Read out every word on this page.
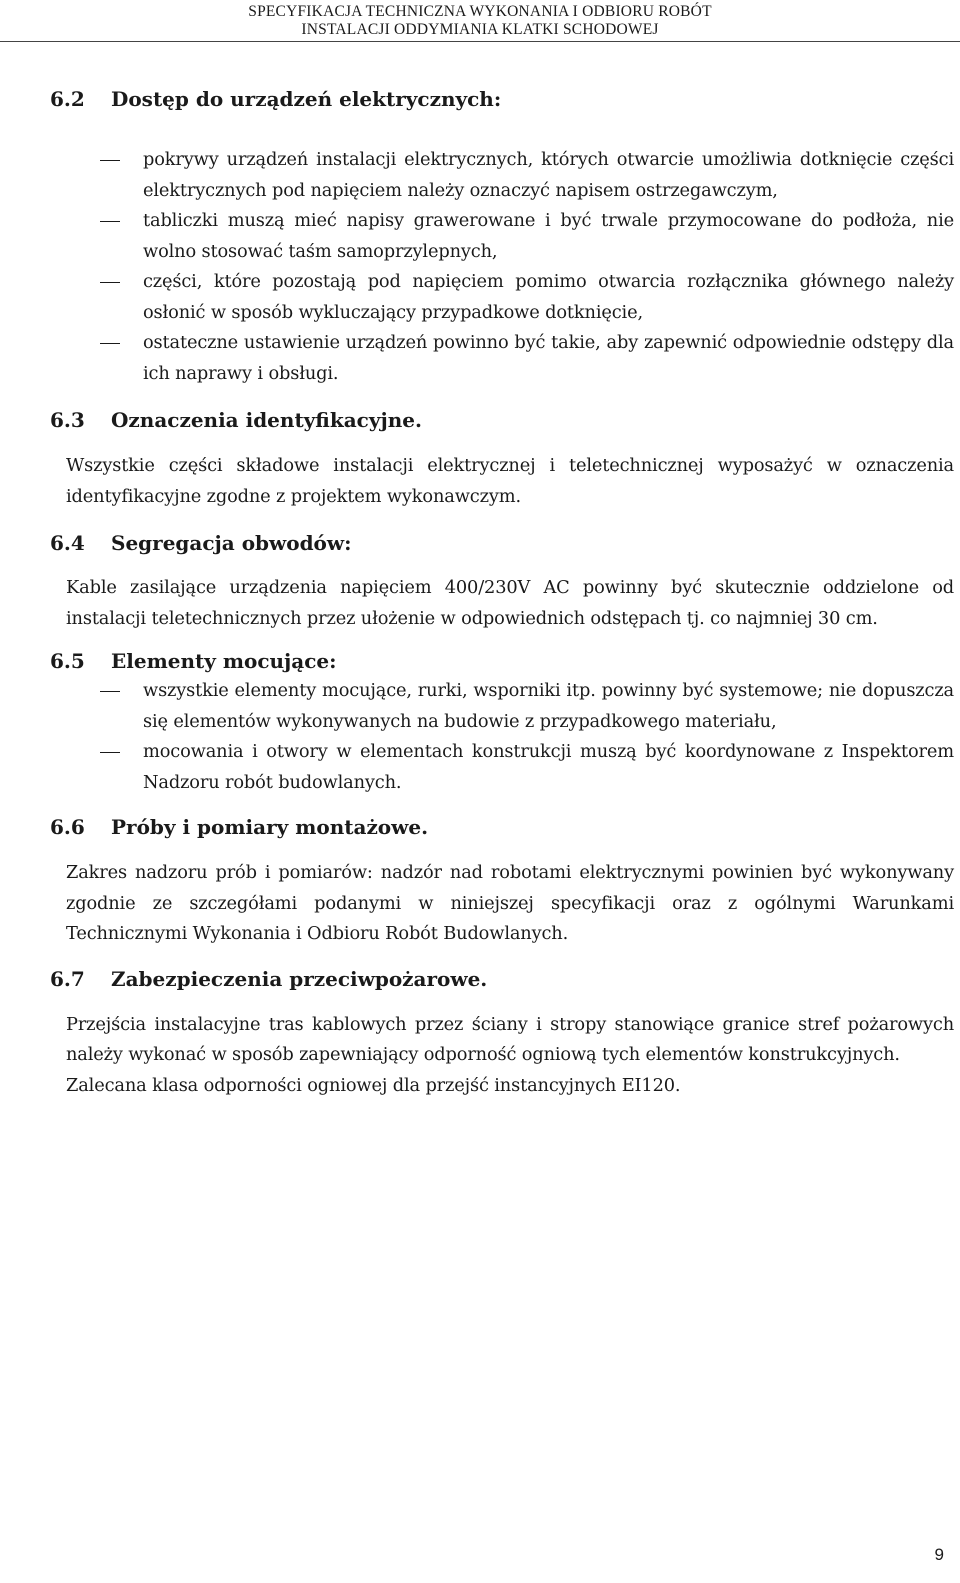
SPECYFIKACJA TECHNICZNA WYKONANIA I ODBIORU ROBÓT
INSTALACJI ODDYMIANIA KLATKI SCHODOWEJ
6.2	Dostęp do urządzeń elektrycznych:
pokrywy urządzeń instalacji elektrycznych, których otwarcie umożliwia dotknięcie części elektrycznych pod napięciem należy oznaczyć napisem ostrzegawczym,
tabliczki muszą mieć napisy grawerowane i być trwale przymocowane do podłoża, nie wolno stosować taśm samoprzylepnych,
części, które pozostają pod napięciem pomimo otwarcia rozłącznika głównego należy osłonić w sposób wykluczający przypadkowe dotknięcie,
ostateczne ustawienie urządzeń powinno być takie, aby zapewnić odpowiednie odstępy dla ich naprawy i obsługi.
6.3	Oznaczenia identyfikacyjne.

Wszystkie części składowe instalacji elektrycznej i teletechnicznej wyposażyć w oznaczenia identyfikacyjne zgodne z projektem wykonawczym.

6.4	Segregacja obwodów:

Kable zasilające urządzenia napięciem 400/230V AC powinny być skutecznie oddzielone od instalacji teletechnicznych przez ułożenie w odpowiednich odstępach tj. co najmniej 30 cm.

6.5	Elementy mocujące:
wszystkie elementy mocujące, rurki, wsporniki itp. powinny być systemowe; nie dopuszcza się elementów wykonywanych na budowie z przypadkowego materiału,
mocowania i otwory w elementach konstrukcji muszą być koordynowane z Inspektorem Nadzoru robót budowlanych.
6.6	Próby i pomiary montażowe.

Zakres nadzoru prób i pomiarów: nadzór nad robotami elektrycznymi powinien być wykonywany zgodnie ze szczegółami podanymi w niniejszej specyfikacji oraz z ogólnymi Warunkami Technicznymi Wykonania i Odbioru Robót Budowlanych.

6.7	Zabezpieczenia przeciwpożarowe.

Przejścia instalacyjne tras kablowych przez ściany i stropy stanowiące granice stref pożarowych należy wykonać w sposób zapewniający odporność ogniową tych elementów konstrukcyjnych.

Zalecana klasa odporności ogniowej dla przejść instancyjnych EI120.

9
